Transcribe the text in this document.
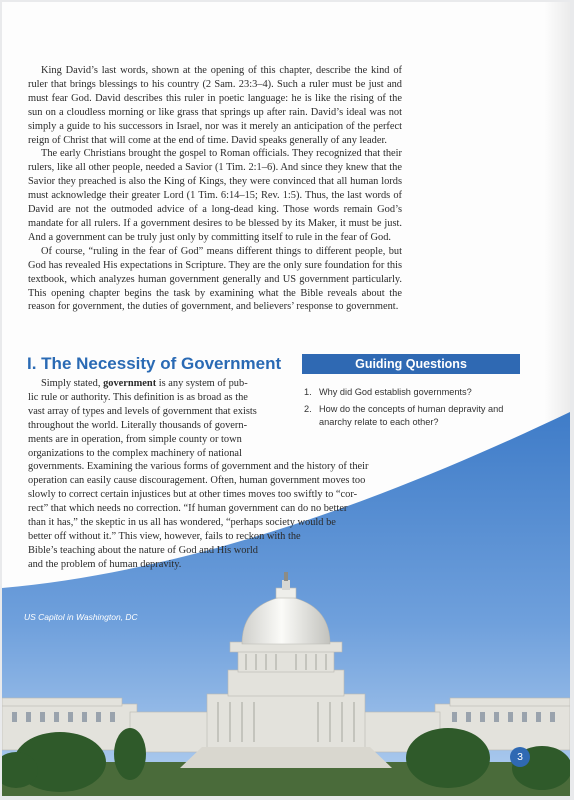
King David’s last words, shown at the opening of this chapter, describe the kind of ruler that brings blessings to his country (2 Sam. 23:3–4). Such a ruler must be just and must fear God. David describes this ruler in poetic language: he is like the rising of the sun on a cloudless morning or like grass that springs up after rain. David’s ideal was not simply a guide to his successors in Israel, nor was it merely an anticipation of the perfect reign of Christ that will come at the end of time. David speaks generally of any leader.

The early Christians brought the gospel to Roman officials. They recognized that their rulers, like all other people, needed a Savior (1 Tim. 2:1–6). And since they knew that the Savior they preached is also the King of Kings, they were convinced that all human lords must acknowledge their greater Lord (1 Tim. 6:14–15; Rev. 1:5). Thus, the last words of David are not the outmoded advice of a long-dead king. Those words remain God’s mandate for all rulers. If a government desires to be blessed by its Maker, it must be just. And a government can be truly just only by committing itself to rule in the fear of God.

Of course, “ruling in the fear of God” means different things to different people, but God has revealed His expectations in Scripture. They are the only sure foundation for this textbook, which analyzes human government generally and US government particularly. This opening chapter begins the task by examining what the Bible reveals about the reason for government, the duties of government, and believers’ response to government.

I. The Necessity of Government	Guiding Questions
1. Why did God establish governments?
2. How do the concepts of human depravity and anarchy relate to each other?
Simply stated, government is any system of pub-
lic rule or authority. This definition is as broad as the
vast array of types and levels of government that exists
throughout the world. Literally thousands of govern-
ments are in operation, from simple county or town
organizations to the complex machinery of national
governments. Examining the various forms of government and the history of their
operation can easily cause discouragement. Often, human government moves too
slowly to correct certain injustices but at other times moves too swiftly to “cor-
rect” that which needs no correction. “If human government can do no better
than it has,” the skeptic in us all has wondered, “perhaps society would be
better off without it.” This view, however, fails to reckon with the
Bible’s teaching about the nature of God and His world
and the problem of human depravity.
US Capitol in Washington, DC
3
